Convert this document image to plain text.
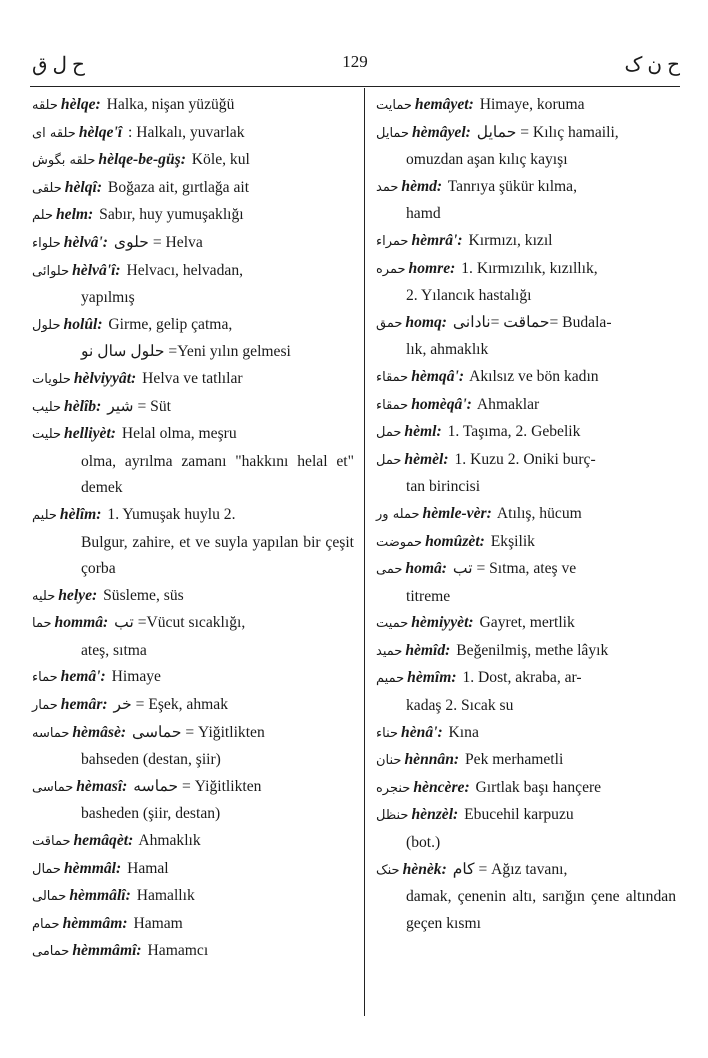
ح ل ق	129	ح ن ک
حلقه hèlqe: Halka, nişan yüzüğü
حلقه ای hèlqe'î : Halkalı, yuvarlak
حلقه بگوش hèlqe-be-güş: Köle, kul
حلقی hèlqî: Boğaza ait, gırtlağa ait
حلم helm: Sabır, huy yumuşaklığı
حلواء hèlvâ': حلوی = Helva
حلوائی hèlvâ'î: Helvacı, helvadan,
yapılmış
حلول holûl: Girme, gelip çatma,
حلول سال نو =Yeni yılın gelmesi
حلویات hèlviyyât: Helva ve tatlılar
حلیب hèlîb: شیر = Süt
حلیت helliyèt: Helal olma, meşru
olma, ayrılma zamanı "hakkını helal et" demek
حلیم hèlîm: 1. Yumuşak huylu 2.
Bulgur, zahire, et ve suyla yapılan bir çeşit çorba
حلیه helye: Süsleme, süs
حما hommâ: تب =Vücut sıcaklığı,
ateş, sıtma
حماء hemâ': Himaye
حمار hemâr: خر = Eşek, ahmak
حماسه hèmâsè: حماسی = Yiğitlikten
bahseden (destan, şiir)
حماسی hèmasî: حماسه = Yiğitlikten
basheden (şiir, destan)
حماقت hemâqèt: Ahmaklık
حمال hèmmâl: Hamal
حمالی hèmmâlî: Hamallık
حمام hèmmâm: Hamam
حمامی hèmmâmî: Hamamcı
حمایت hemâyet: Himaye, koruma
حمایل hèmâyel: حمایل = Kılıç hamaili,
omuzdan aşan kılıç kayışı
حمد hèmd: Tanrıya şükür kılma,
hamd
حمراء hèmrâ': Kırmızı, kızıl
حمره homre: 1. Kırmızılık, kızıllık,
2. Yılancık hastalığı
حمق homq: حماقت =نادانی= Budala-
lık, ahmaklık
حمقاء hèmqâ': Akılsız ve bön kadın
حمقاء homèqâ': Ahmaklar
حمل hèml: 1. Taşıma, 2. Gebelik
حمل hèmèl: 1. Kuzu 2. Oniki burç-
tan birincisi
حمله ور hèmle-vèr: Atılış, hücum
حموضت homûzèt: Ekşilik
حمی homâ: تب = Sıtma, ateş ve
titreme
حمیت hèmiyyèt: Gayret, mertlik
حمید hèmîd: Beğenilmiş, methe lâyık
حمیم hèmîm: 1. Dost, akraba, ar-
kadaş 2. Sıcak su
حناء hènâ': Kına
حنان hènnân: Pek merhametli
حنجره hèncère: Gırtlak başı hançere
حنظل hènzèl: Ebucehil karpuzu
(bot.)
حنک hènèk: کام = Ağız tavanı,
damak, çenenin altı, sarığın çene altından geçen kısmı
